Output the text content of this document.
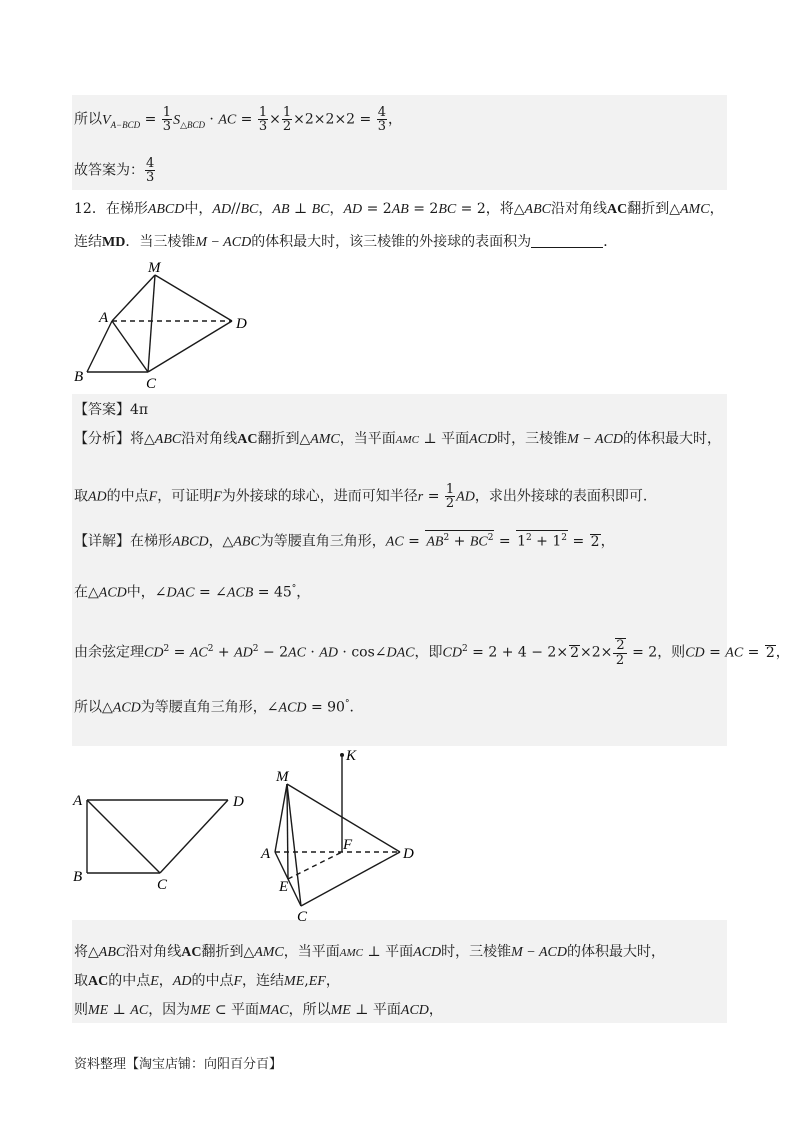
所以$V_{A-BCD} = \frac{1}{3} S_{\triangle BCD}$ · AC = $\frac{1}{3} \times \frac{1}{2} \times 2\times 2\times 2 = \frac{4}{3}$ ，
故答案为： $\frac{4}{3}$
12．在梯形ABCD中，AD//BC，AB ⊥ BC，AD = 2AB = 2BC = 2，将△ABC沿对角线AC翻折到△AMC，
连结MD．当三棱锥M − ACD的体积最大时，该三棱锥的外接球的表面积为	．
M
A	D
B	C
【答案】4π
【分析】将△ABC沿对角线AC翻折到△AMC，当平面AMC ⊥ 平面ACD时，三棱锥M − ACD的体积最大时，
取AD的中点F，可证明F为外接球的球心，进而可知半径$r = \frac{1}{2}$ AD，求出外接球的表面积即可.
【详解】在梯形ABCD，△ABC为等腰直角三角形，AC = $AB^2 + BC^2 = 1^2 + 1^2 = 2$，
在△ACD中，∠DAC = ∠ACB = 45°，
由余弦定理$CD^2 = AC^2 + AD^2 - 2AC$ · AD · cos∠DAC，即$CD^2 = 2 + 4 - 2\times 2\times 2\times \frac{2}{2} = 2$，则CD = AC = 2，
所以△ACD为等腰直角三角形，∠ACD = 90°．
A	D
B	C
K
M
F
A	D
E
C
将△ABC沿对角线AC翻折到△AMC，当平面AMC ⊥ 平面ACD时，三棱锥M − ACD的体积最大时，
取AC的中点E，AD的中点F，连结ME,EF，
则ME ⊥ AC，因为ME ⊂ 平面MAC，所以ME ⊥ 平面ACD，
资料整理【淘宝店铺：向阳百分百】
